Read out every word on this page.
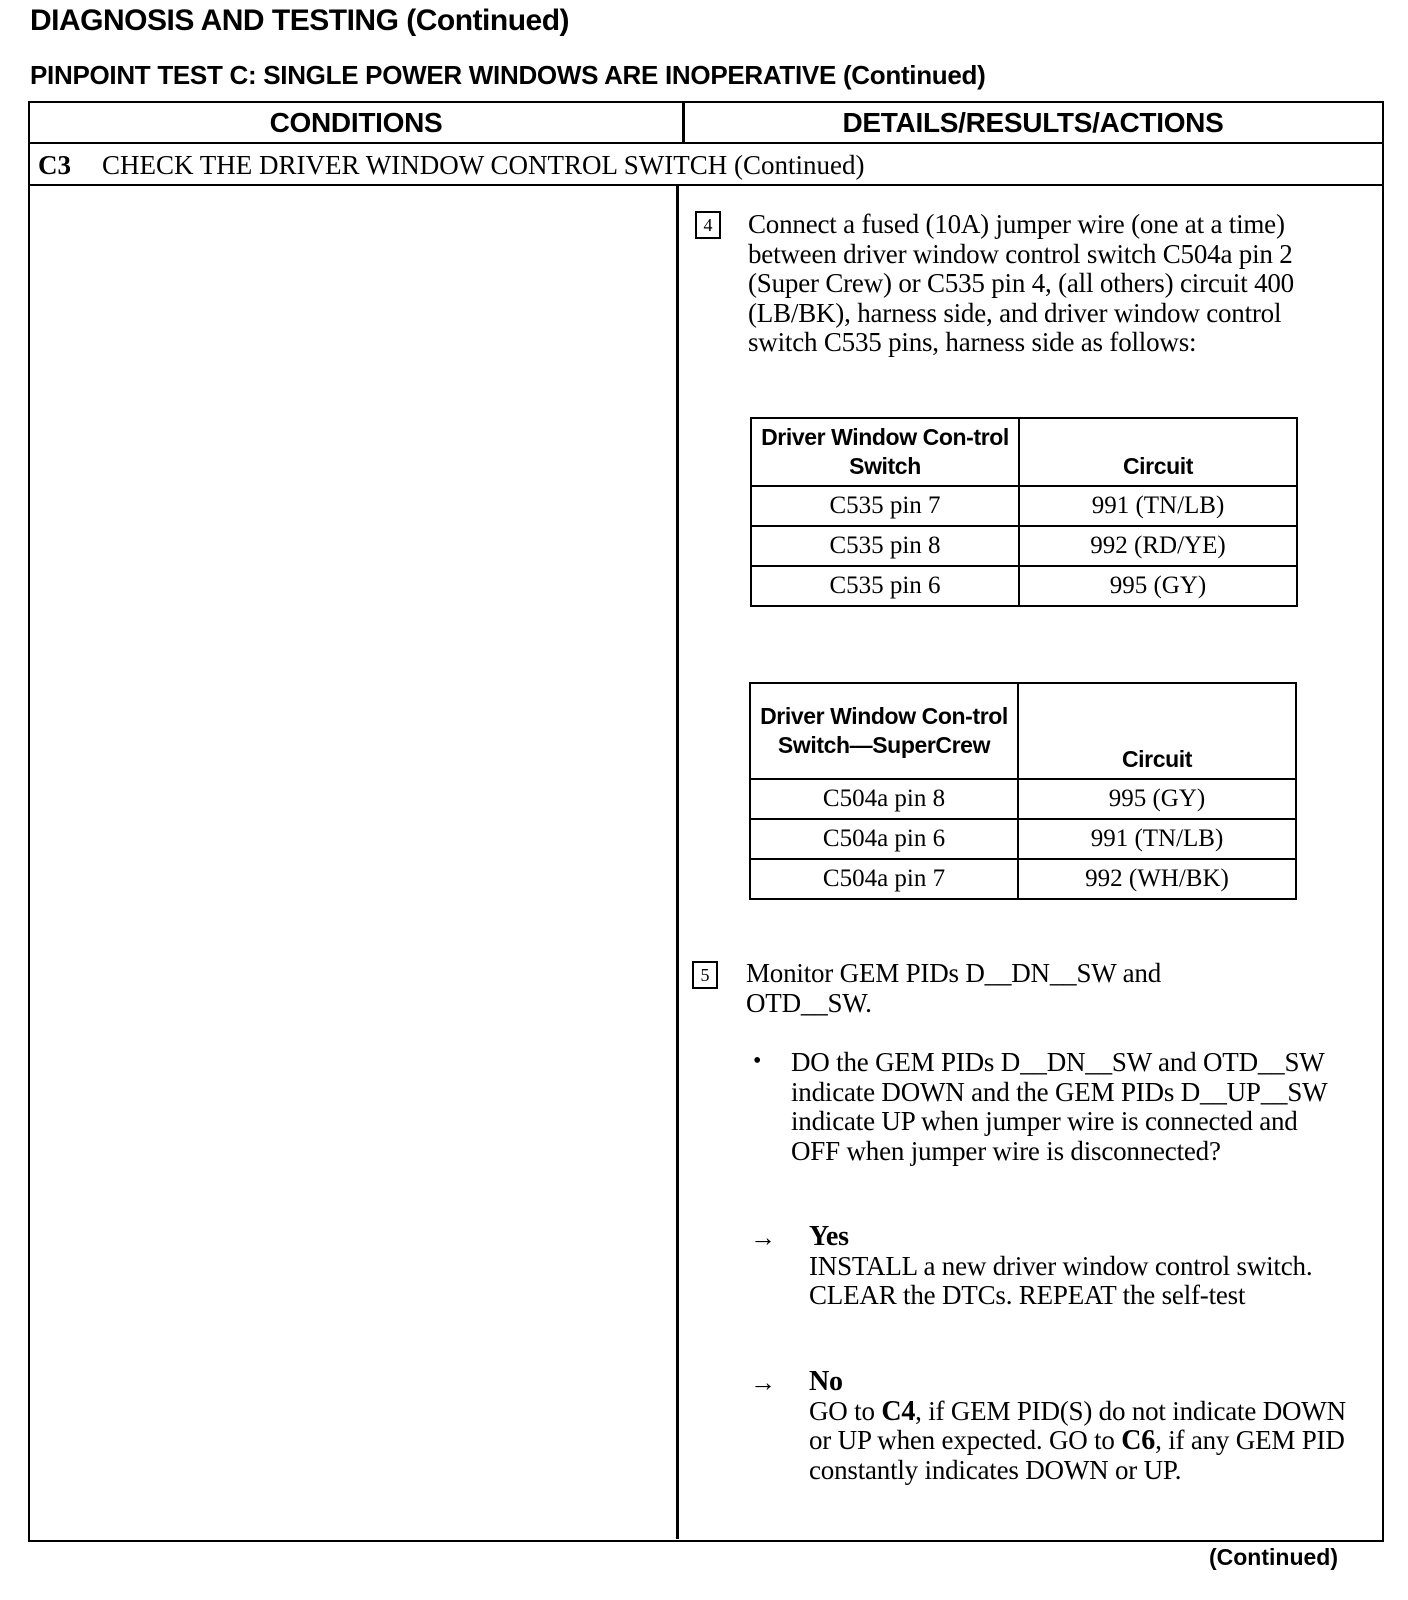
DIAGNOSIS AND TESTING (Continued)
PINPOINT TEST C: SINGLE POWER WINDOWS ARE INOPERATIVE (Continued)
CONDITIONS	DETAILS/RESULTS/ACTIONS
C3 CHECK THE DRIVER WINDOW CONTROL SWITCH (Continued)
4	Connect a fused (10A) jumper wire (one at a time) between driver window control switch C504a pin 2 (Super Crew) or C535 pin 4, (all others) circuit 400 (LB/BK), harness side, and driver window control switch C535 pins, harness side as follows:
Driver Window Con-trol Switch	Circuit
C535 pin 7	991 (TN/LB)
C535 pin 8	992 (RD/YE)
C535 pin 6	995 (GY)
Driver Window Con-trol Switch—SuperCrew	Circuit
C504a pin 8	995 (GY)
C504a pin 6	991 (TN/LB)
C504a pin 7	992 (WH/BK)
5	Monitor GEM PIDs D__DN__SW and OTD__SW.
• DO the GEM PIDs D__DN__SW and OTD__SW indicate DOWN and the GEM PIDs D__UP__SW indicate UP when jumper wire is connected and OFF when jumper wire is disconnected?
→ Yes
INSTALL a new driver window control switch. CLEAR the DTCs. REPEAT the self-test
→ No
GO to C4, if GEM PID(S) do not indicate DOWN or UP when expected. GO to C6, if any GEM PID constantly indicates DOWN or UP.
(Continued)
